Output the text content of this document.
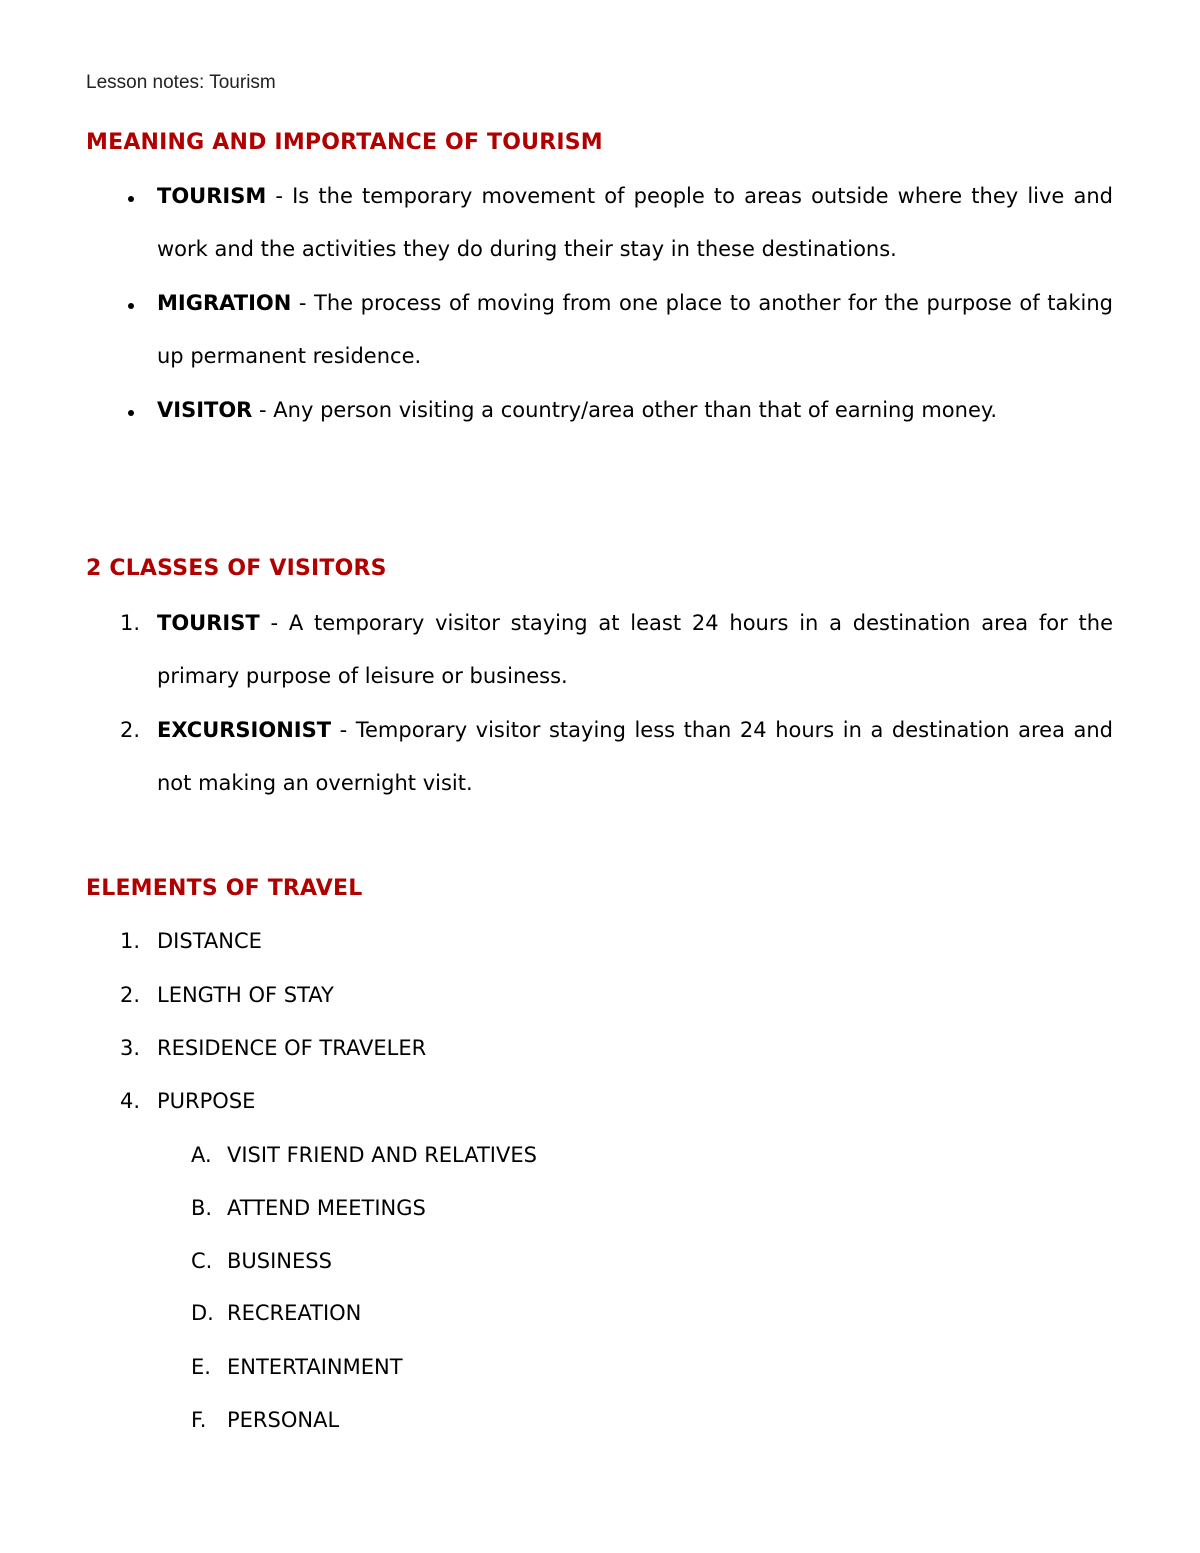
Lesson notes: Tourism
MEANING AND IMPORTANCE OF TOURISM
TOURISM - Is the temporary movement of people to areas outside where they live and work and the activities they do during their stay in these destinations.
MIGRATION - The process of moving from one place to another for the purpose of taking up permanent residence.
VISITOR - Any person visiting a country/area other than that of earning money.
2 CLASSES OF VISITORS
1. TOURIST - A temporary visitor staying at least 24 hours in a destination area for the primary purpose of leisure or business.
2. EXCURSIONIST - Temporary visitor staying less than 24 hours in a destination area and not making an overnight visit.
ELEMENTS OF TRAVEL
1. DISTANCE
2. LENGTH OF STAY
3. RESIDENCE OF TRAVELER
4. PURPOSE
A. VISIT FRIEND AND RELATIVES
B. ATTEND MEETINGS
C. BUSINESS
D. RECREATION
E. ENTERTAINMENT
F. PERSONAL
